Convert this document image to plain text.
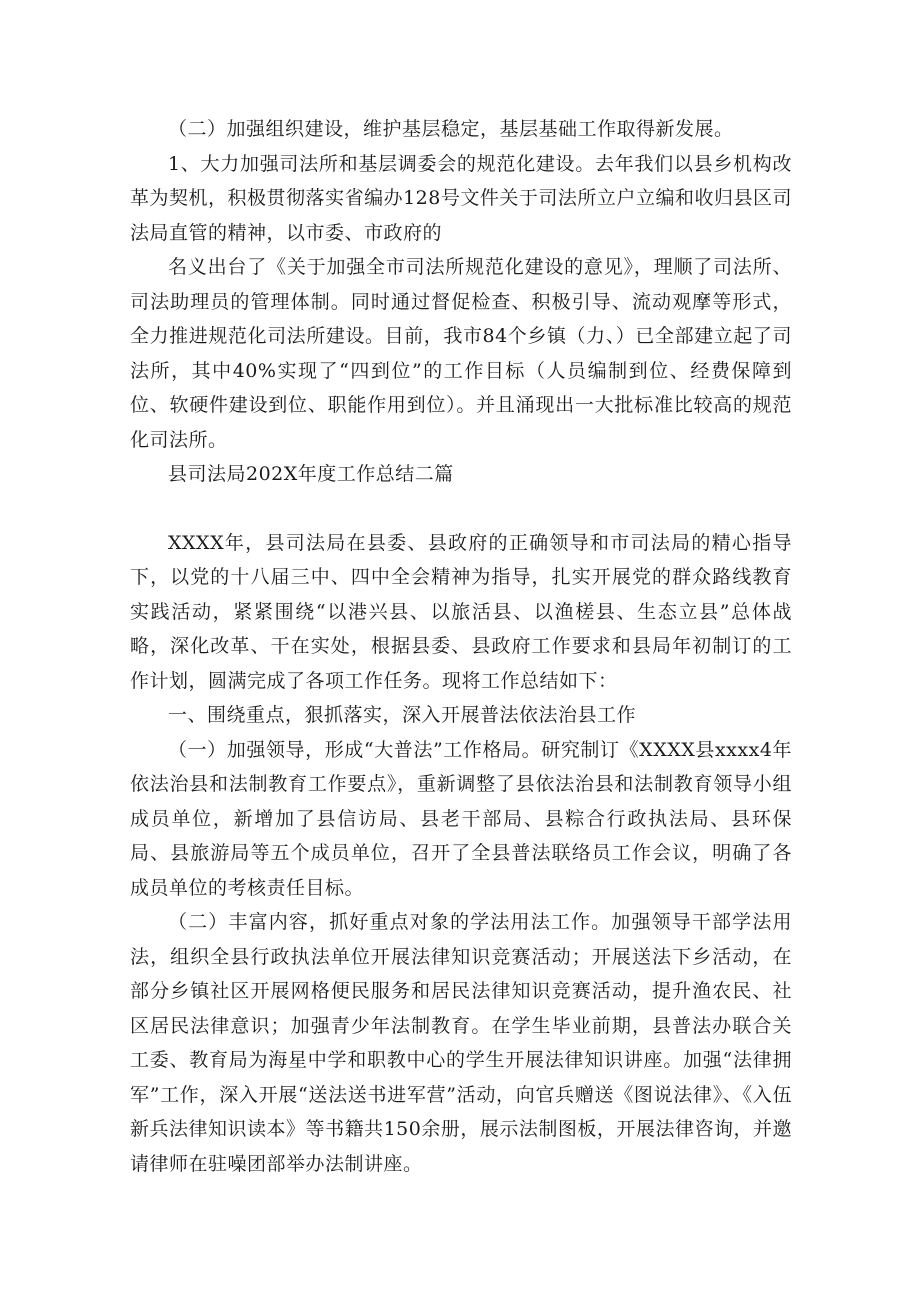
（二）加强组织建设，维护基层稳定，基层基础工作取得新发展。

1、大力加强司法所和基层调委会的规范化建设。去年我们以县乡机构改革为契机，积极贯彻落实省编办128号文件关于司法所立户立编和收归县区司法局直管的精神，以市委、市政府的

名义出台了《关于加强全市司法所规范化建设的意见》，理顺了司法所、司法助理员的管理体制。同时通过督促检查、积极引导、流动观摩等形式，全力推进规范化司法所建设。目前，我市84个乡镇（力、）已全部建立起了司法所，其中40%实现了“四到位”的工作目标（人员编制到位、经费保障到位、软硬件建设到位、职能作用到位）。并且涌现出一大批标准比较高的规范化司法所。

县司法局202X年度工作总结二篇

XXXX年，县司法局在县委、县政府的正确领导和市司法局的精心指导下，以党的十八届三中、四中全会精神为指导，扎实开展党的群众路线教育实践活动，紧紧围绕“以港兴县、以旅活县、以渔槎县、生态立县”总体战略，深化改革、干在实处，根据县委、县政府工作要求和县局年初制订的工作计划，圆满完成了各项工作任务。现将工作总结如下：

一、围绕重点，狠抓落实，深入开展普法依法治县工作

（一）加强领导，形成“大普法”工作格局。研究制订《XXXX县xxxx4年依法治县和法制教育工作要点》，重新调整了县依法治县和法制教育领导小组成员单位，新增加了县信访局、县老干部局、县粽合行政执法局、县环保局、县旅游局等五个成员单位，召开了全县普法联络员工作会议，明确了各成员单位的考核责任目标。

（二）丰富内容，抓好重点对象的学法用法工作。加强领导干部学法用法，组织全县行政执法单位开展法律知识竞赛活动；开展送法下乡活动，在部分乡镇社区开展网格便民服务和居民法律知识竞赛活动，提升渔农民、社区居民法律意识；加强青少年法制教育。在学生毕业前期，县普法办联合关工委、教育局为海星中学和职教中心的学生开展法律知识讲座。加强“法律拥军”工作，深入开展“送法送书进军营”活动，向官兵赠送《图说法律》、《入伍新兵法律知识读本》等书籍共150余册，展示法制图板，开展法律咨询，并邀请律师在驻噪团部举办法制讲座。
